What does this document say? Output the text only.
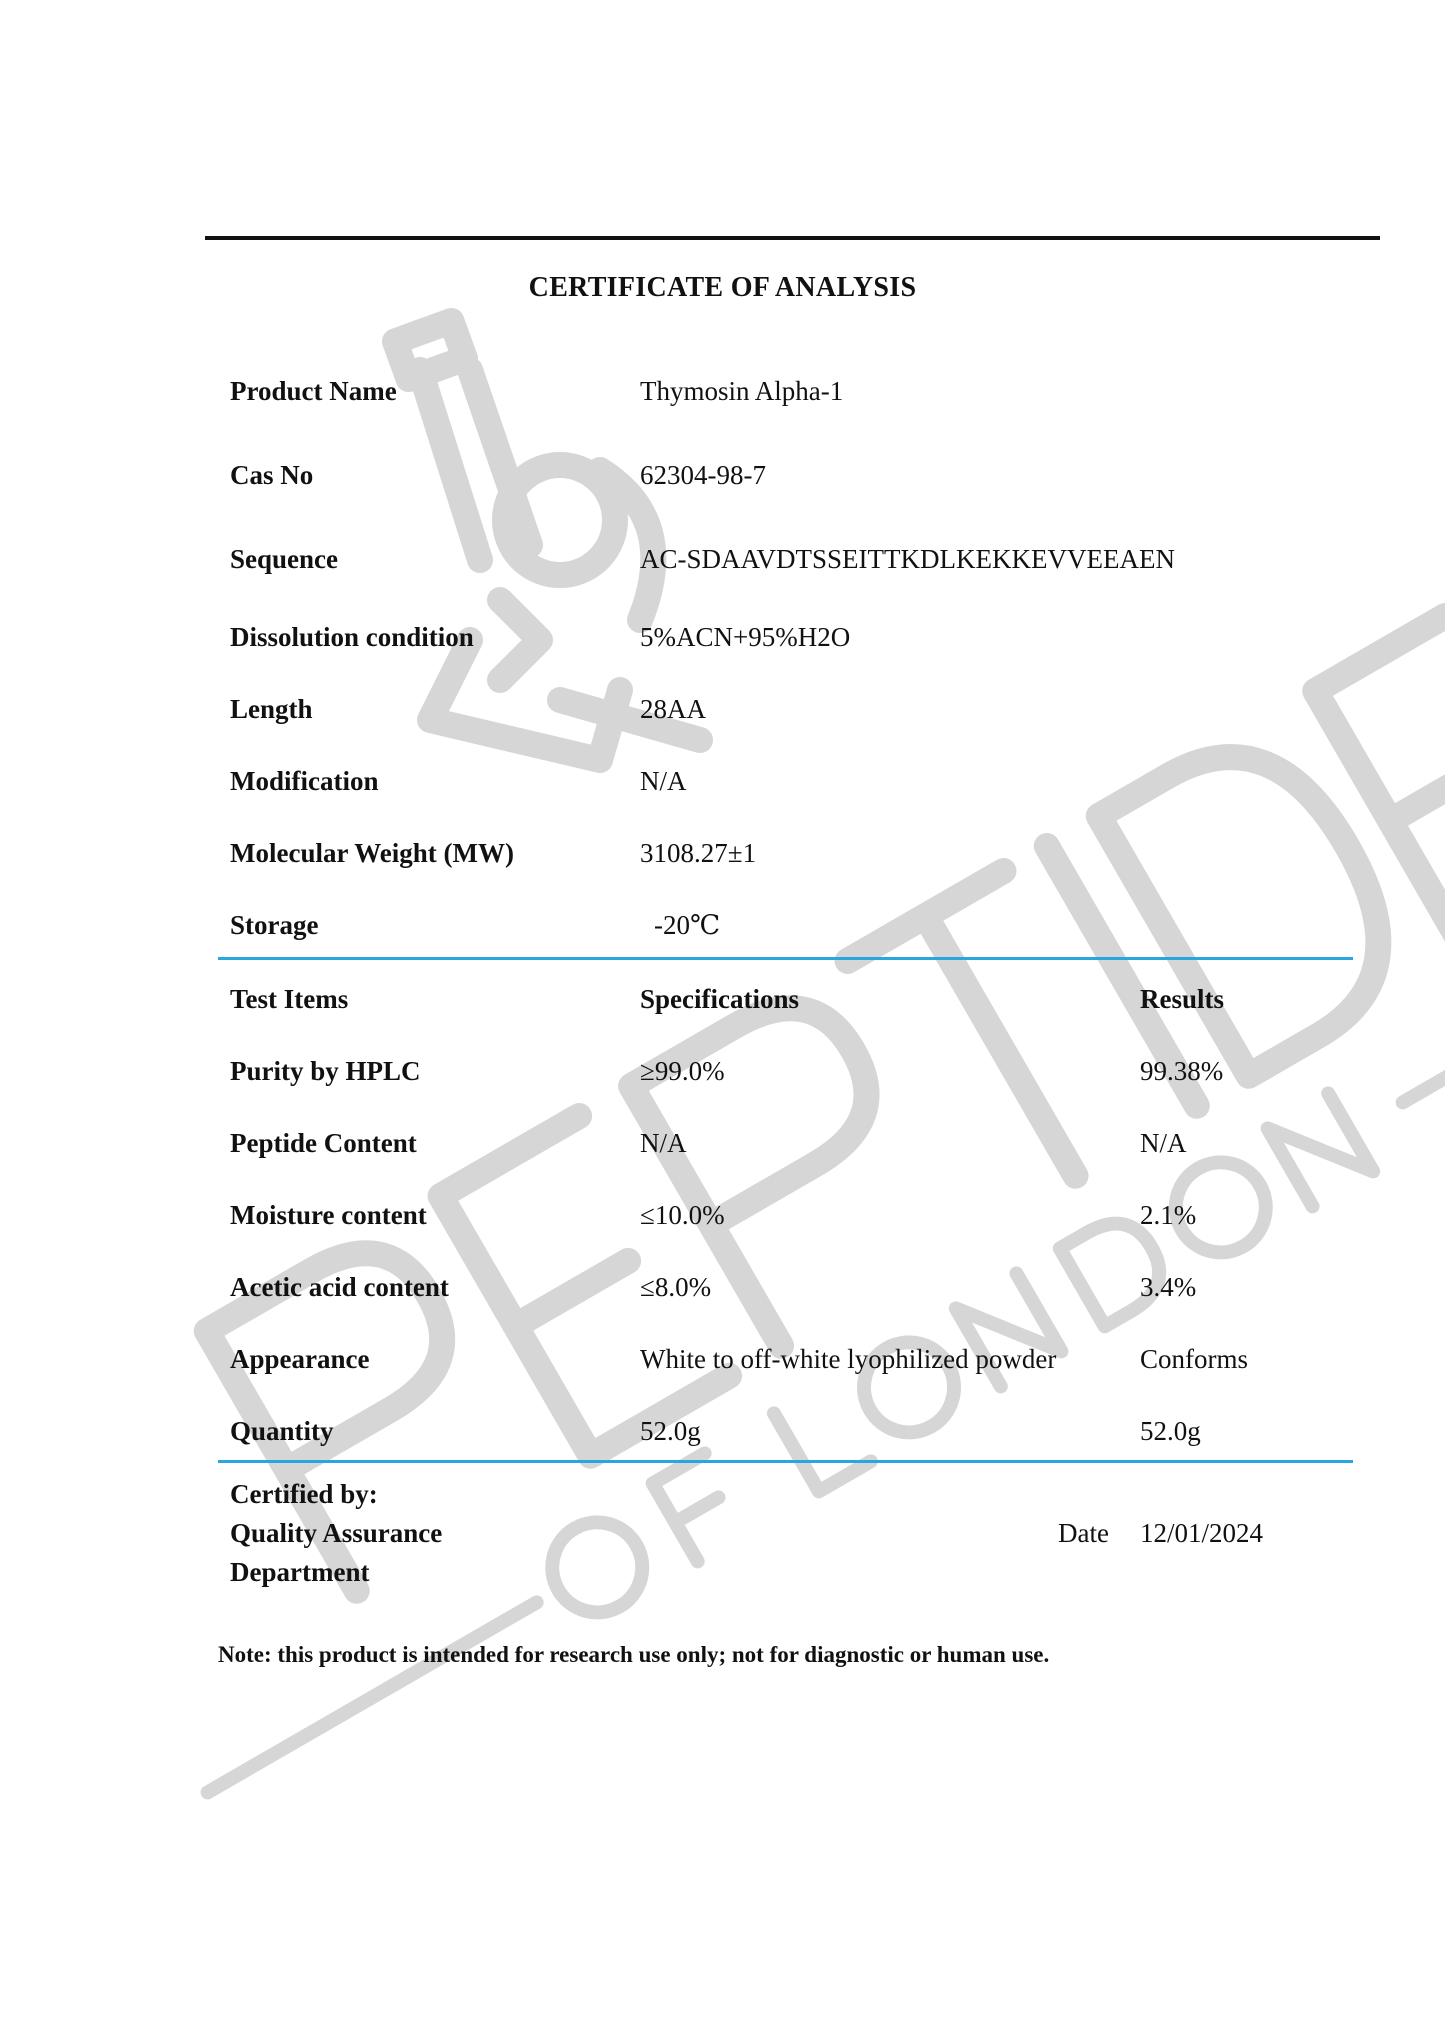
CERTIFICATE OF ANALYSIS
Product Name	Thymosin Alpha-1
Cas No	62304-98-7
Sequence	AC-SDAAVDTSSEITTKDLKEKKEVVEEAEN
Dissolution condition	5%ACN+95%H2O
Length	28AA
Modification	N/A
Molecular Weight (MW)	3108.27±1
Storage	-20℃
Test Items	Specifications	Results
Purity by HPLC	≥99.0%	99.38%
Peptide Content	N/A	N/A
Moisture content	≤10.0%	2.1%
Acetic acid content	≤8.0%	3.4%
Appearance	White to off-white lyophilized powder	Conforms
Quantity	52.0g	52.0g
Certified by:
Quality Assurance
Department
Date 12/01/2024
Note: this product is intended for research use only; not for diagnostic or human use.
